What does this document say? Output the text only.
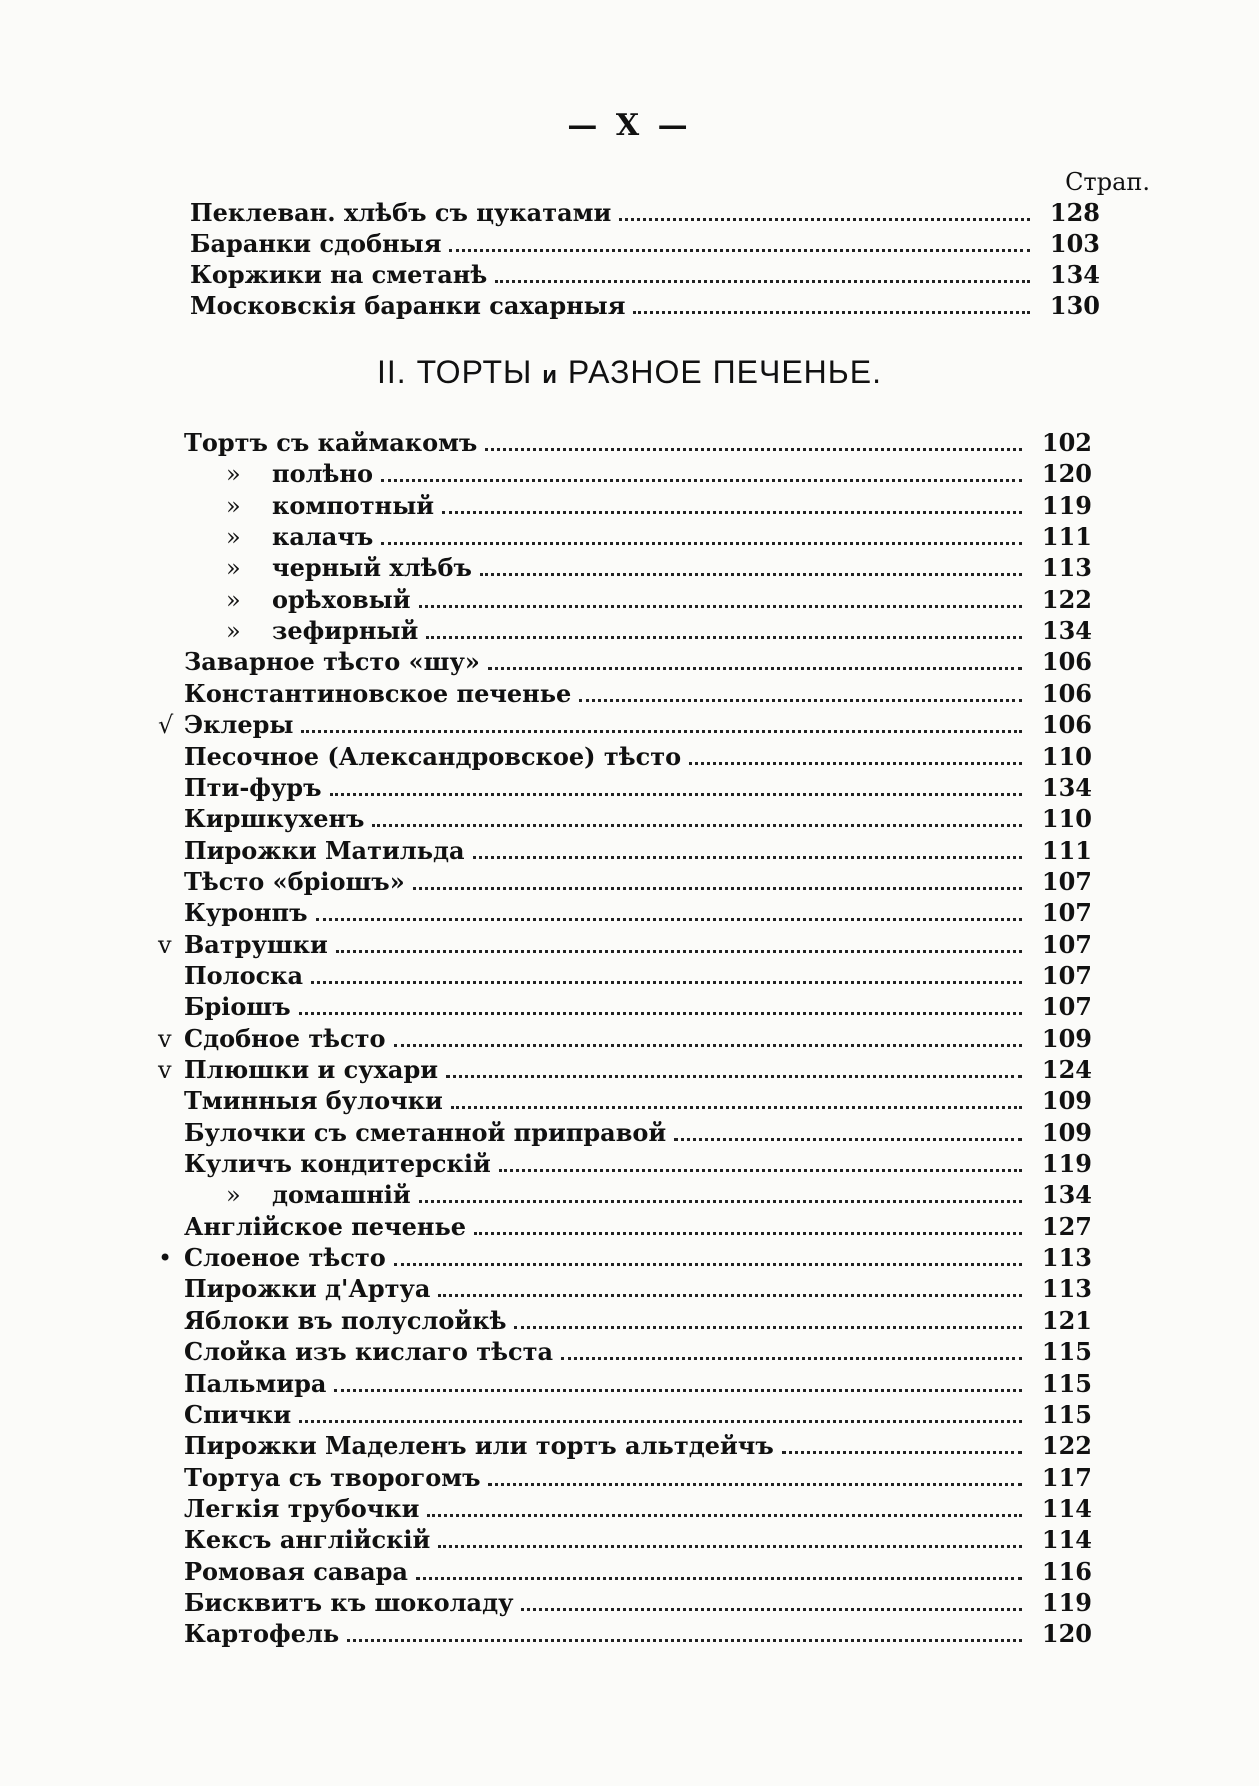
— X —
Страп.
Пеклеван. хлѣбъ съ цукатами	128
Баранки сдобныя	103
Коржики на сметанѣ	134
Московскія баранки сахарныя	130
II. ТОРТЫ и РАЗНОЕ ПЕЧЕНЬЕ.
Тортъ съ каймакомъ	102
» полѣно	120
» компотный	119
» калачъ	111
» черный хлѣбъ	113
» орѣховый	122
» зефирный	134
Заварное тѣсто «шу»	106
Константиновское печенье	106
√ Эклеры	106
Песочное (Александровское) тѣсто	110
Пти-фуръ	134
Киршкухенъ	110
Пирожки Матильда	111
Тѣсто «бріошъ»	107
Куронпъ	107
v Ватрушки	107
Полоска	107
Бріошъ	107
v Сдобное тѣсто	109
v Плюшки и сухари	124
Тминныя булочки	109
Булочки съ сметанной приправой	109
Куличъ кондитерскій	119
» домашній	134
Англійское печенье	127
• Слоеное тѣсто	113
Пирожки д'Артуа	113
Яблоки въ полуслойкѣ	121
Слойка изъ кислаго тѣста	115
Пальмира	115
Спички	115
Пирожки Маделенъ или тортъ альтдейчъ	122
Тортуа съ творогомъ	117
Легкія трубочки	114
Кексъ англійскій	114
Ромовая савара	116
Бисквитъ къ шоколаду	119
Картофель	120
